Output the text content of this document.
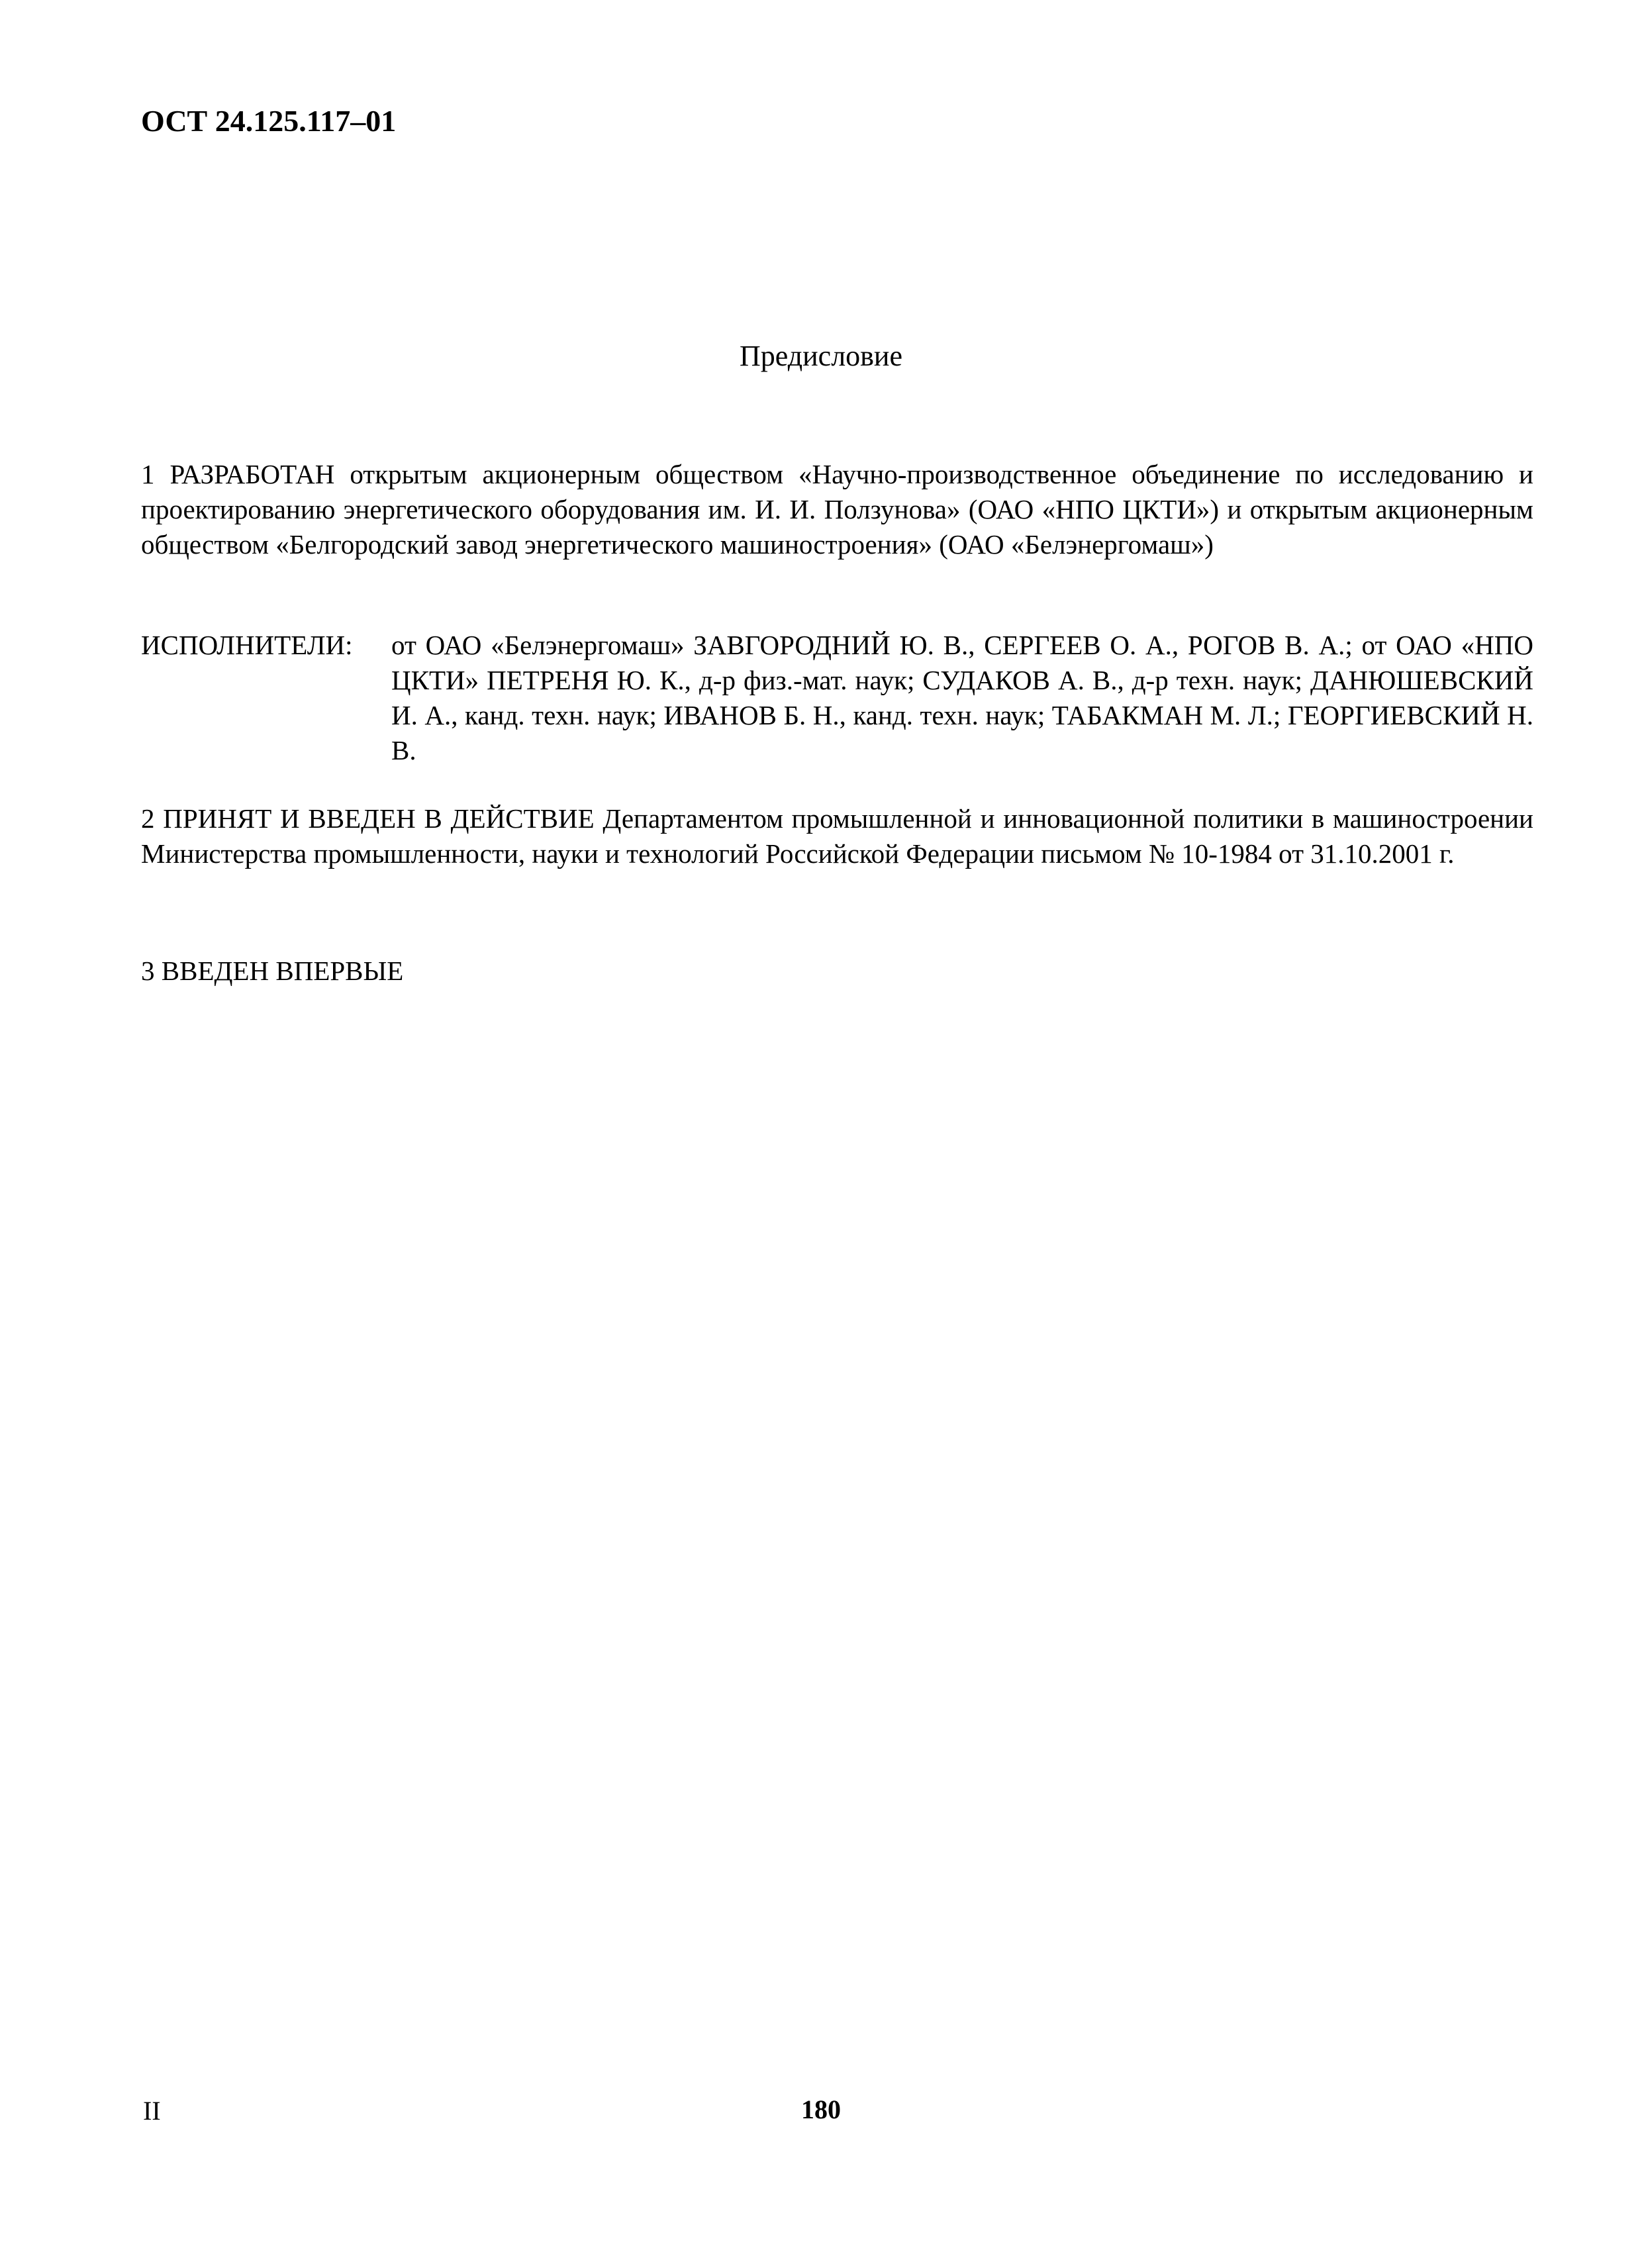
ОСТ 24.125.117–01
Предисловие
1 РАЗРАБОТАН открытым акционерным обществом «Научно-производственное объединение по исследованию и проектированию энергетического оборудования им. И. И. Ползунова» (ОАО «НПО ЦКТИ») и открытым акционерным обществом «Белгородский завод энергетического машиностроения» (ОАО «Белэнергомаш»)
ИСПОЛНИТЕЛИ: от ОАО «Белэнергомаш» ЗАВГОРОДНИЙ Ю. В., СЕРГЕЕВ О. А., РОГОВ В. А.; от ОАО «НПО ЦКТИ» ПЕТРЕНЯ Ю. К., д-р физ.-мат. наук; СУДАКОВ А. В., д-р техн. наук; ДАНЮШЕВСКИЙ И. А., канд. техн. наук; ИВАНОВ Б. Н., канд. техн. наук; ТАБАКМАН М. Л.; ГЕОРГИЕВСКИЙ Н. В.
2 ПРИНЯТ И ВВЕДЕН В ДЕЙСТВИЕ Департаментом промышленной и инновационной политики в машиностроении Министерства промышленности, науки и технологий Российской Федерации письмом № 10-1984 от 31.10.2001 г.
3 ВВЕДЕН ВПЕРВЫЕ
II	180
